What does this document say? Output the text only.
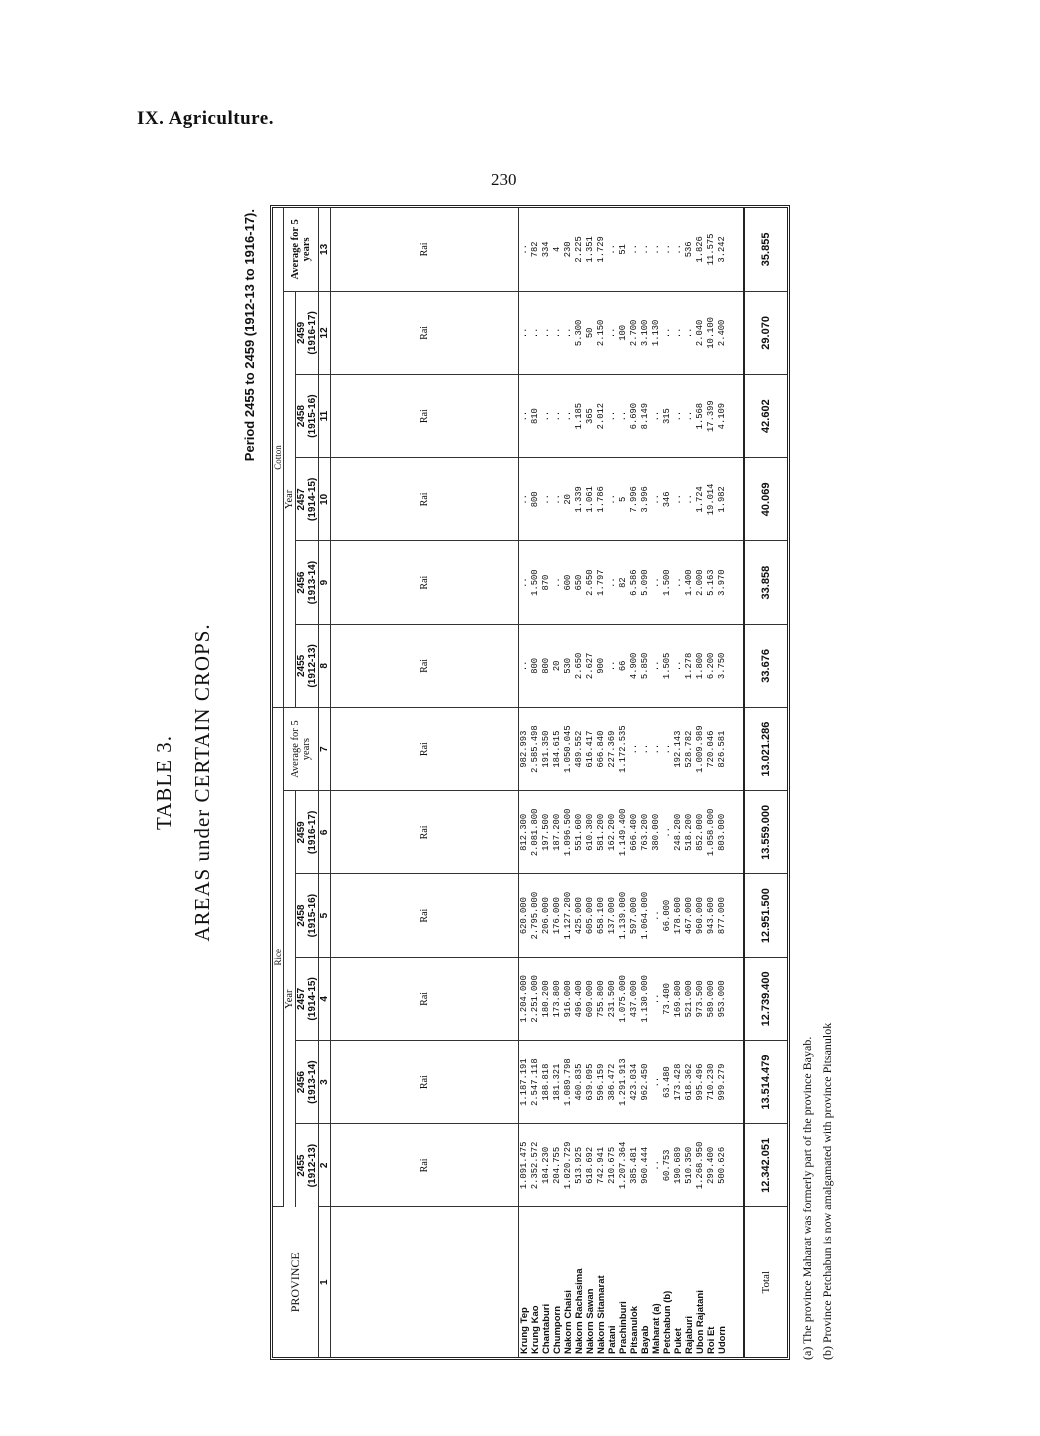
IX. Agriculture.
230
TABLE 3. AREAS under CERTAIN CROPS.
Period 2455 to 2459 (1912-13 to 1916-17).
PROVINCE	Rice						Cotton					
	Year					Average for 5 years	Year					Average for 5 years
	2455	2456	2457	2458	2459		2455	2456	2457	2458	2459	
	(1912-13)	(1913-14)	(1914-15)	(1915-16)	(1916-17)		(1912-13)	(1913-14)	(1914-15)	(1915-16)	(1916-17)	
1	2	3	4	5	6	7	8	9	10	11	12	13
	Rai	Rai	Rai	Rai	Rai	Rai	Rai	Rai	Rai	Rai	Rai	Rai
Krung Tep	1.091.475	1.187.191	1.204.000	620.000	812.300	982.993	..	..	..	..	..	..
Krung Kao	2.352.572	2.547.118	2.251.000	2.795.000	2.081.800	2.585.498	800	1.500	800	810	..	782
Chantaburi	184.230	188.818	180.200	206.000	197.500	191.350	800	870	..	..	..	334
Chumporn	204.755	181.321	173.800	176.000	187.200	184.615	20	..	..	..	..	4
Nakorn Chaisi	1.020.729	1.089.798	916.000	1.127.200	1.096.500	1.050.045	530	600	20	..	..	230
Nakorn Rachasima	513.925	460.835	496.400	425.000	551.600	489.552	2.650	650	1.339	1.185	5.300	2.225
Nakorn Sawan	618.692	639.095	609.000	605.000	610.300	616.417	2.627	2.650	1.061	365	50	1.351
Nakorn Sitamarat	742.941	596.159	755.800	658.100	581.200	666.840	900	1.797	1.786	2.012	2.150	1.729
Patani	210.675	386.472	231.500	137.000	162.200	227.369	..	..	..	..	..	..
Prachinburi	1.207.364	1.291.913	1.075.000	1.139.000	1.149.400	1.172.535	66	82	5	..	100	51
Pitsanulok	385.481	423.034	437.000	597.000	666.400	..	4.900	6.586	7.996	6.690	2.700	..
Bayab	960.444	962.450	1.130.000	1.064.000	763.200	..	5.850	5.090	3.996	8.149	3.100	..
Maharat (a)	..	..	..	..	380.000	..	..	..	..	..	1.130	..
Petchabun (b)	60.753	63.480	73.400	66.000	..	..	1.505	1.500	346	315	..	..
Puket	190.689	173.428	169.800	178.600	248.200	192.143	..	..	..	..	..	..
Rajaburi	510.350	618.362	521.000	467.000	518.200	528.782	1.278	1.400	..	..	..	536
Ubon Rajatani	1.268.950	995.496	973.500	960.000	852.000	1.009.989	1.800	2.000	1.724	1.568	2.040	1.826
Roi Et	299.400	710.230	589.000	943.600	1.058.000	720.046	6.200	5.163	19.014	17.399	10.100	11.575
Udorn	500.626	999.279	953.000	877.000	803.000	826.581	3.750	3.970	1.982	4.109	2.400	3.242

Total	12.342.051	13.514.479	12.739.400	12.951.500	13.559.000	13.021.286	33.676	33.858	40.069	42.602	29.070	35.855
(a) The province Maharat was formerly part of the province Bayab. (b) Province Petchabun is now amalgamated with province Pitsanulok
